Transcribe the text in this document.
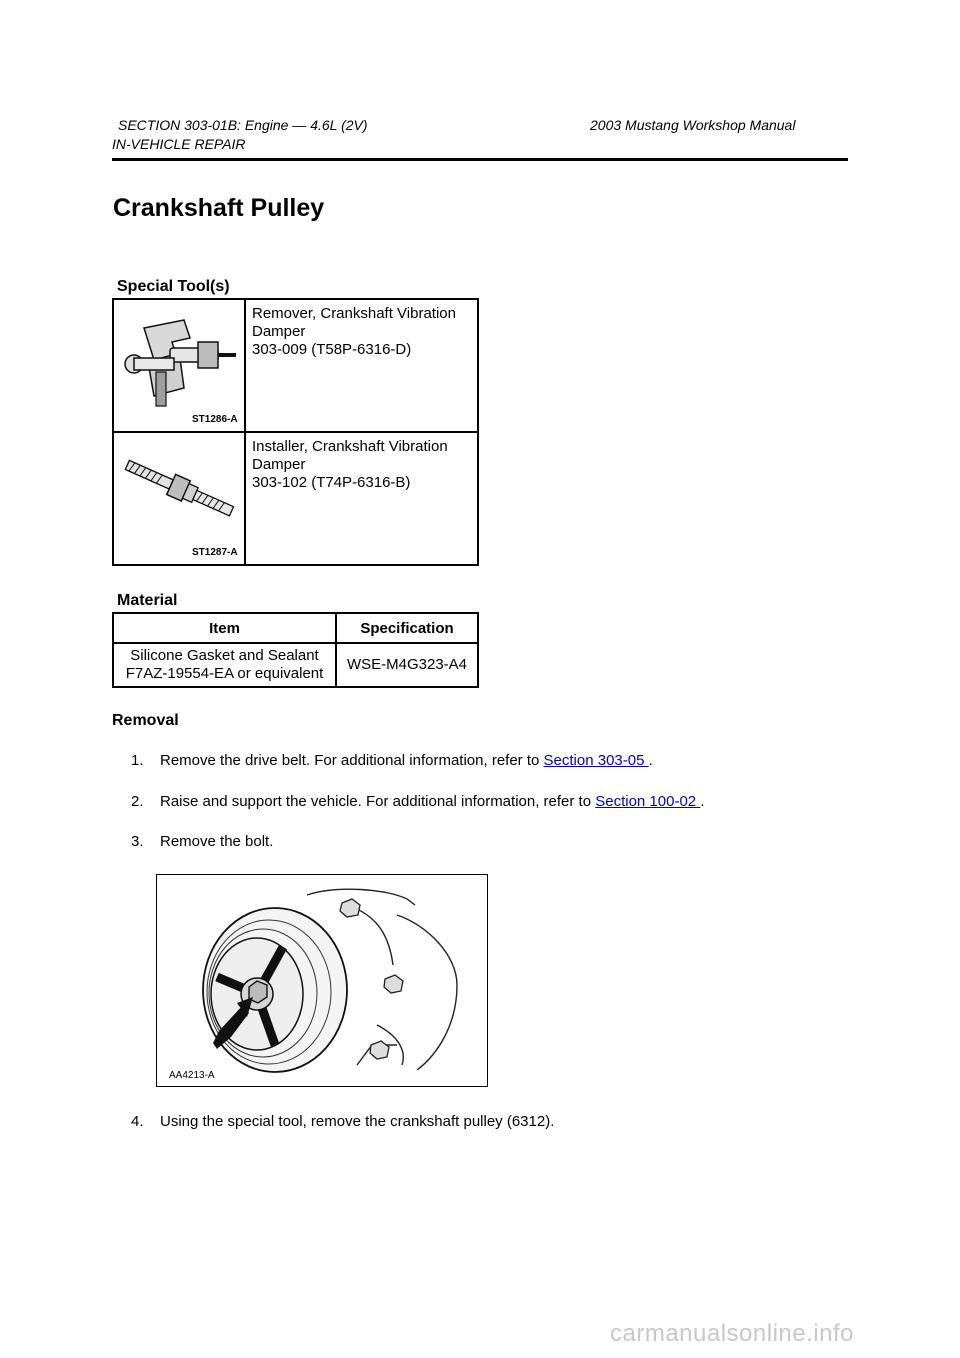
SECTION 303-01B: Engine — 4.6L (2V)	2003 Mustang Workshop Manual
IN-VEHICLE REPAIR
Crankshaft Pulley
Special Tool(s)
ST1286-A	Remover, Crankshaft Vibration
Damper
303-009 (T58P-6316-D)

ST1287-A	Installer, Crankshaft Vibration
Damper
303-102 (T74P-6316-B)
Material
Item	Specification

Silicone Gasket and Sealant
F7AZ-19554-EA or equivalent	WSE-M4G323-A4
Removal
1. Remove the drive belt. For additional information, refer to Section 303-05 .
2. Raise and support the vehicle. For additional information, refer to Section 100-02 .
3. Remove the bolt.
AA4213-A
4. Using the special tool, remove the crankshaft pulley (6312).
carmanualsonline.info
